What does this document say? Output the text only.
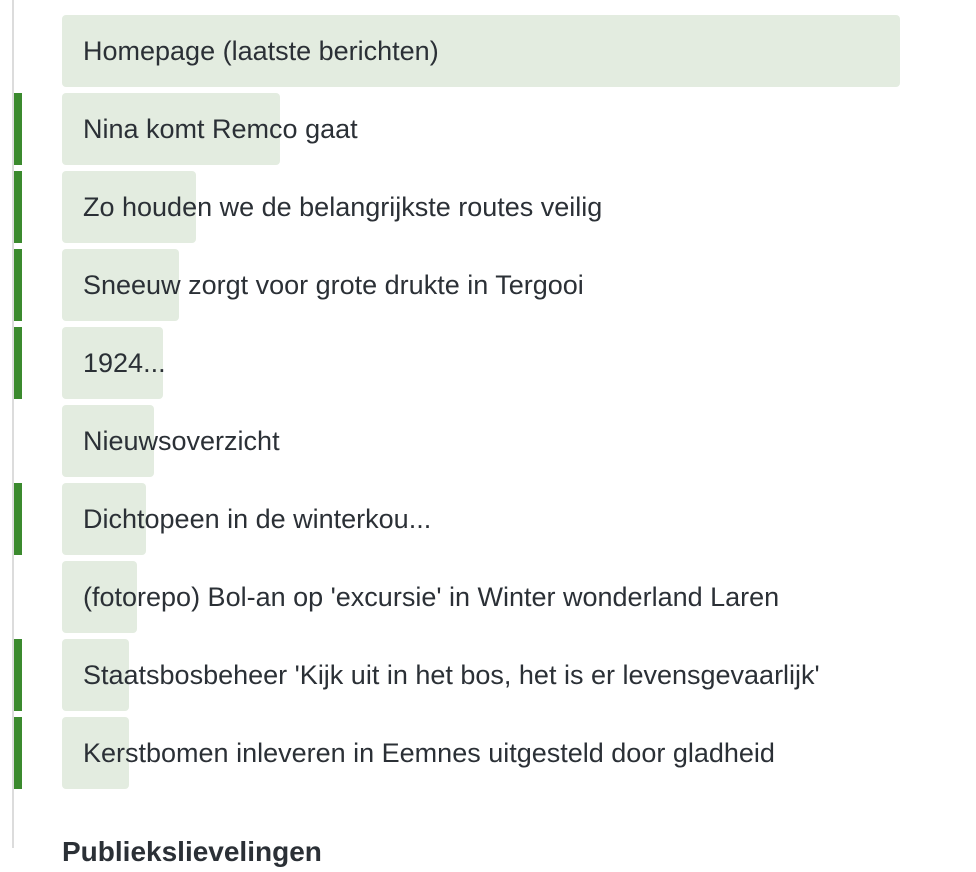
Homepage (laatste berichten)
Nina komt Remco gaat
Zo houden we de belangrijkste routes veilig
Sneeuw zorgt voor grote drukte in Tergooi
1924...
Nieuwsoverzicht
Dichtopeen in de winterkou...
(fotorepo) Bol-an op 'excursie' in Winter wonderland Laren
Staatsbosbeheer 'Kijk uit in het bos, het is er levensgevaarlijk'
Kerstbomen inleveren in Eemnes uitgesteld door gladheid
Publiekslievelingen
